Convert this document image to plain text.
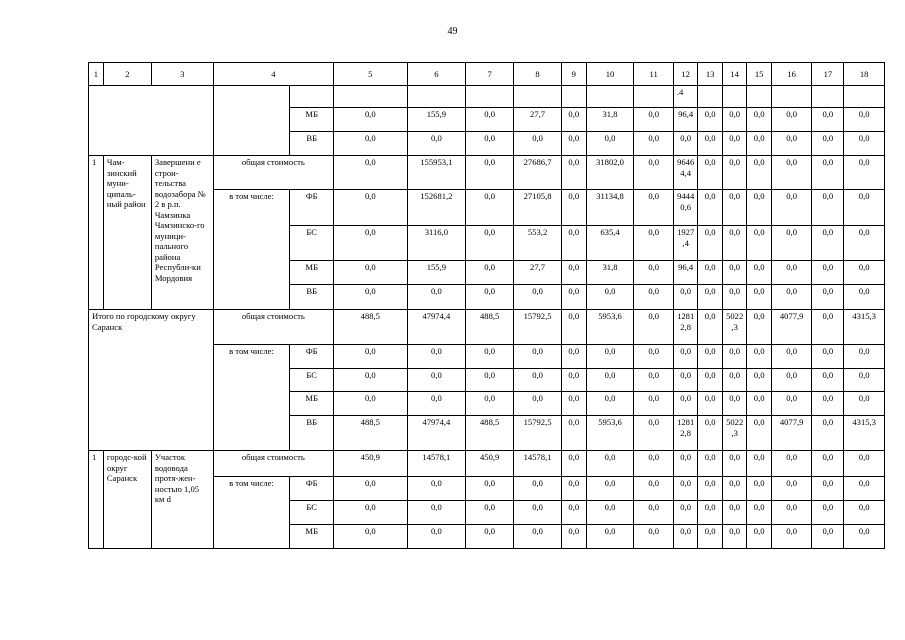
49
1	2	3	4		5	6	7	8	9	10	11	12	13	14	15	16	17	18
												.4						
				МБ	0,0	155,9	0,0	27,7	0,0	31,8	0,0	96,4	0,0	0,0	0,0	0,0	0,0	0,0
				ВБ	0,0	0,0	0,0	0,0	0,0	0,0	0,0	0,0	0,0	0,0	0,0	0,0	0,0	0,0
1	Чам-зинский муни-ципаль-ный район	Завершени е строи-тельства водозабора № 2 в р.п. Чамзинка Чамзинско-го муници-пального района Республи-ки Мордовия	общая стоимость		0,0	155953,1	0,0	27686,7	0,0	31802,0	0,0	9646 4,4	0,0	0,0	0,0	0,0	0,0	0,0
			в том числе:	ФБ	0,0	152681,2	0,0	27105,8	0,0	31134,8	0,0	9444 0,6	0,0	0,0	0,0	0,0	0,0	0,0
				БС	0,0	3116,0	0,0	553,2	0,0	635,4	0,0	1927 ,4	0,0	0,0	0,0	0,0	0,0	0,0
				МБ	0,0	155,9	0,0	27,7	0,0	31,8	0,0	96,4	0,0	0,0	0,0	0,0	0,0	0,0
				ВБ	0,0	0,0	0,0	0,0	0,0	0,0	0,0	0,0	0,0	0,0	0,0	0,0	0,0	0,0
Итого по городскому округу Саранск			общая стоимость		488,5	47974,4	488,5	15792,5	0,0	5953,6	0,0	1281 2,8	0,0	5022 ,3	0,0	4077,9	0,0	4315,3
			в том числе:	ФБ	0,0	0,0	0,0	0,0	0,0	0,0	0,0	0,0	0,0	0,0	0,0	0,0	0,0	0,0
				БС	0,0	0,0	0,0	0,0	0,0	0,0	0,0	0,0	0,0	0,0	0,0	0,0	0,0	0,0
				МБ	0,0	0,0	0,0	0,0	0,0	0,0	0,0	0,0	0,0	0,0	0,0	0,0	0,0	0,0
				ВБ	488,5	47974,4	488,5	15792,5	0,0	5953,6	0,0	1281 2,8	0,0	5022 ,3	0,0	4077,9	0,0	4315,3
1	городс-кой округ Саранск	Участок водовода протя-жен-ностью 1,05 км d	общая стоимость		450,9	14578,1	450,9	14578,1	0,0	0,0	0,0	0,0	0,0	0,0	0,0	0,0	0,0	0,0
			в том числе:	ФБ	0,0	0,0	0,0	0,0	0,0	0,0	0,0	0,0	0,0	0,0	0,0	0,0	0,0	0,0
				БС	0,0	0,0	0,0	0,0	0,0	0,0	0,0	0,0	0,0	0,0	0,0	0,0	0,0	0,0
				МБ	0,0	0,0	0,0	0,0	0,0	0,0	0,0	0,0	0,0	0,0	0,0	0,0	0,0	0,0
